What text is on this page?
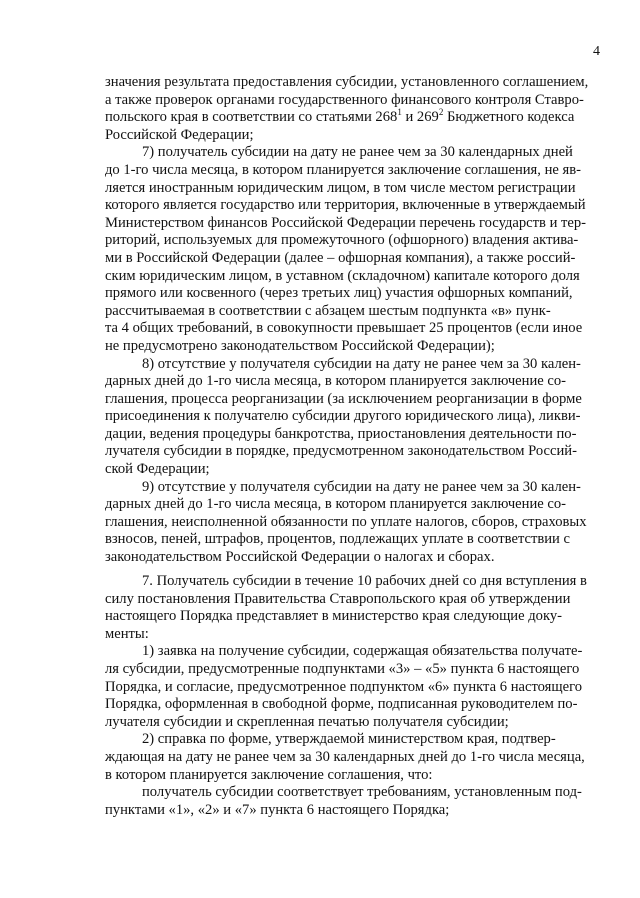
4
значения результата предоставления субсидии, установленного соглашением,
а также проверок органами государственного финансового контроля Ставро-
польского края в соответствии со статьями $268^1$ и $269^2$ Бюджетного кодекса
Российской Федерации;
7) получатель субсидии на дату не ранее чем за 30 календарных дней
до 1-го числа месяца, в котором планируется заключение соглашения, не яв-
ляется иностранным юридическим лицом, в том числе местом регистрации
которого является государство или территория, включенные в утверждаемый
Министерством финансов Российской Федерации перечень государств и тер-
риторий, используемых для промежуточного (офшорного) владения актива-
ми в Российской Федерации (далее – офшорная компания), а также россий-
ским юридическим лицом, в уставном (складочном) капитале которого доля
прямого или косвенного (через третьих лиц) участия офшорных компаний,
рассчитываемая в соответствии с абзацем шестым подпункта «в» пунк-
та 4 общих требований, в совокупности превышает 25 процентов (если иное
не предусмотрено законодательством Российской Федерации);
8) отсутствие у получателя субсидии на дату не ранее чем за 30 кален-
дарных дней до 1-го числа месяца, в котором планируется заключение со-
глашения, процесса реорганизации (за исключением реорганизации в форме
присоединения к получателю субсидии другого юридического лица), ликви-
дации, ведения процедуры банкротства, приостановления деятельности по-
лучателя субсидии в порядке, предусмотренном законодательством Россий-
ской Федерации;
9) отсутствие у получателя субсидии на дату не ранее чем за 30 кален-
дарных дней до 1-го числа месяца, в котором планируется заключение со-
глашения, неисполненной обязанности по уплате налогов, сборов, страховых
взносов, пеней, штрафов, процентов, подлежащих уплате в соответствии с
законодательством Российской Федерации о налогах и сборах.
7. Получатель субсидии в течение 10 рабочих дней со дня вступления в
силу постановления Правительства Ставропольского края об утверждении
настоящего Порядка представляет в министерство края следующие доку-
менты:
1) заявка на получение субсидии, содержащая обязательства получате-
ля субсидии, предусмотренные подпунктами «3» – «5» пункта 6 настоящего
Порядка, и согласие, предусмотренное подпунктом «6» пункта 6 настоящего
Порядка, оформленная в свободной форме, подписанная руководителем по-
лучателя субсидии и скрепленная печатью получателя субсидии;
2) справка по форме, утверждаемой министерством края, подтвер-
ждающая на дату не ранее чем за 30 календарных дней до 1-го числа месяца,
в котором планируется заключение соглашения, что:
получатель субсидии соответствует требованиям, установленным под-
пунктами «1», «2» и «7» пункта 6 настоящего Порядка;
